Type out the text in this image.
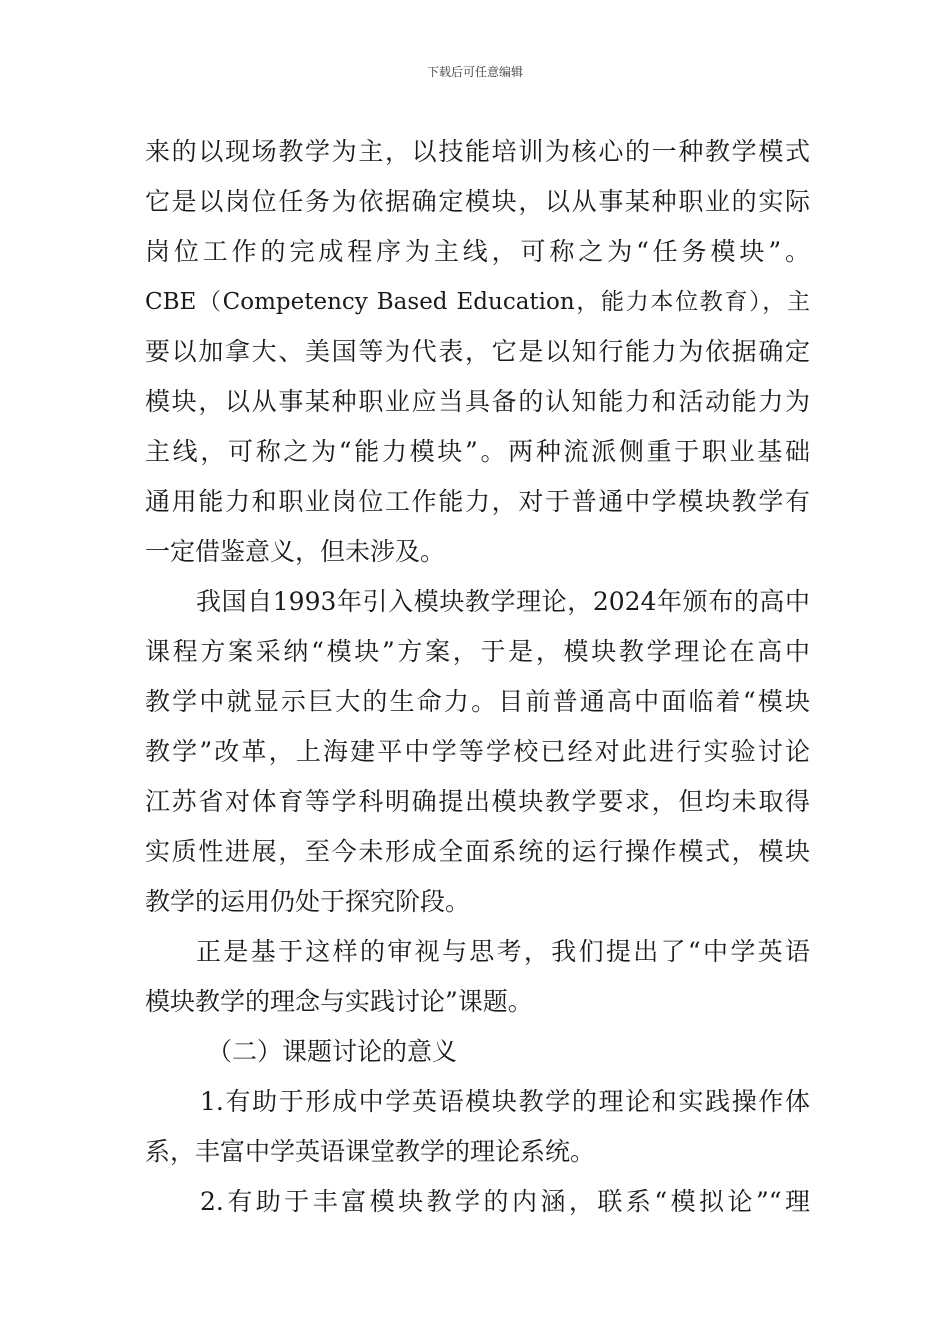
下载后可任意编辑
来的以现场教学为主，以技能培训为核心的一种教学模式
它是以岗位任务为依据确定模块，以从事某种职业的实际
岗位工作的完成程序为主线，可称之为“任务模块”。
CBE（Competency Based Education，能力本位教育），主
要以加拿大、美国等为代表，它是以知行能力为依据确定
模块，以从事某种职业应当具备的认知能力和活动能力为
主线，可称之为“能力模块”。两种流派侧重于职业基础
通用能力和职业岗位工作能力，对于普通中学模块教学有
一定借鉴意义，但未涉及。
我国自1993年引入模块教学理论，2024年颁布的高中
课程方案采纳“模块”方案，于是，模块教学理论在高中
教学中就显示巨大的生命力。目前普通高中面临着“模块
教学”改革，上海建平中学等学校已经对此进行实验讨论
江苏省对体育等学科明确提出模块教学要求，但均未取得
实质性进展，至今未形成全面系统的运行操作模式，模块
教学的运用仍处于探究阶段。
正是基于这样的审视与思考，我们提出了“中学英语
模块教学的理念与实践讨论”课题。
（二）课题讨论的意义
1.有助于形成中学英语模块教学的理论和实践操作体
系，丰富中学英语课堂教学的理论系统。
2.有助于丰富模块教学的内涵，联系“模拟论”“理
